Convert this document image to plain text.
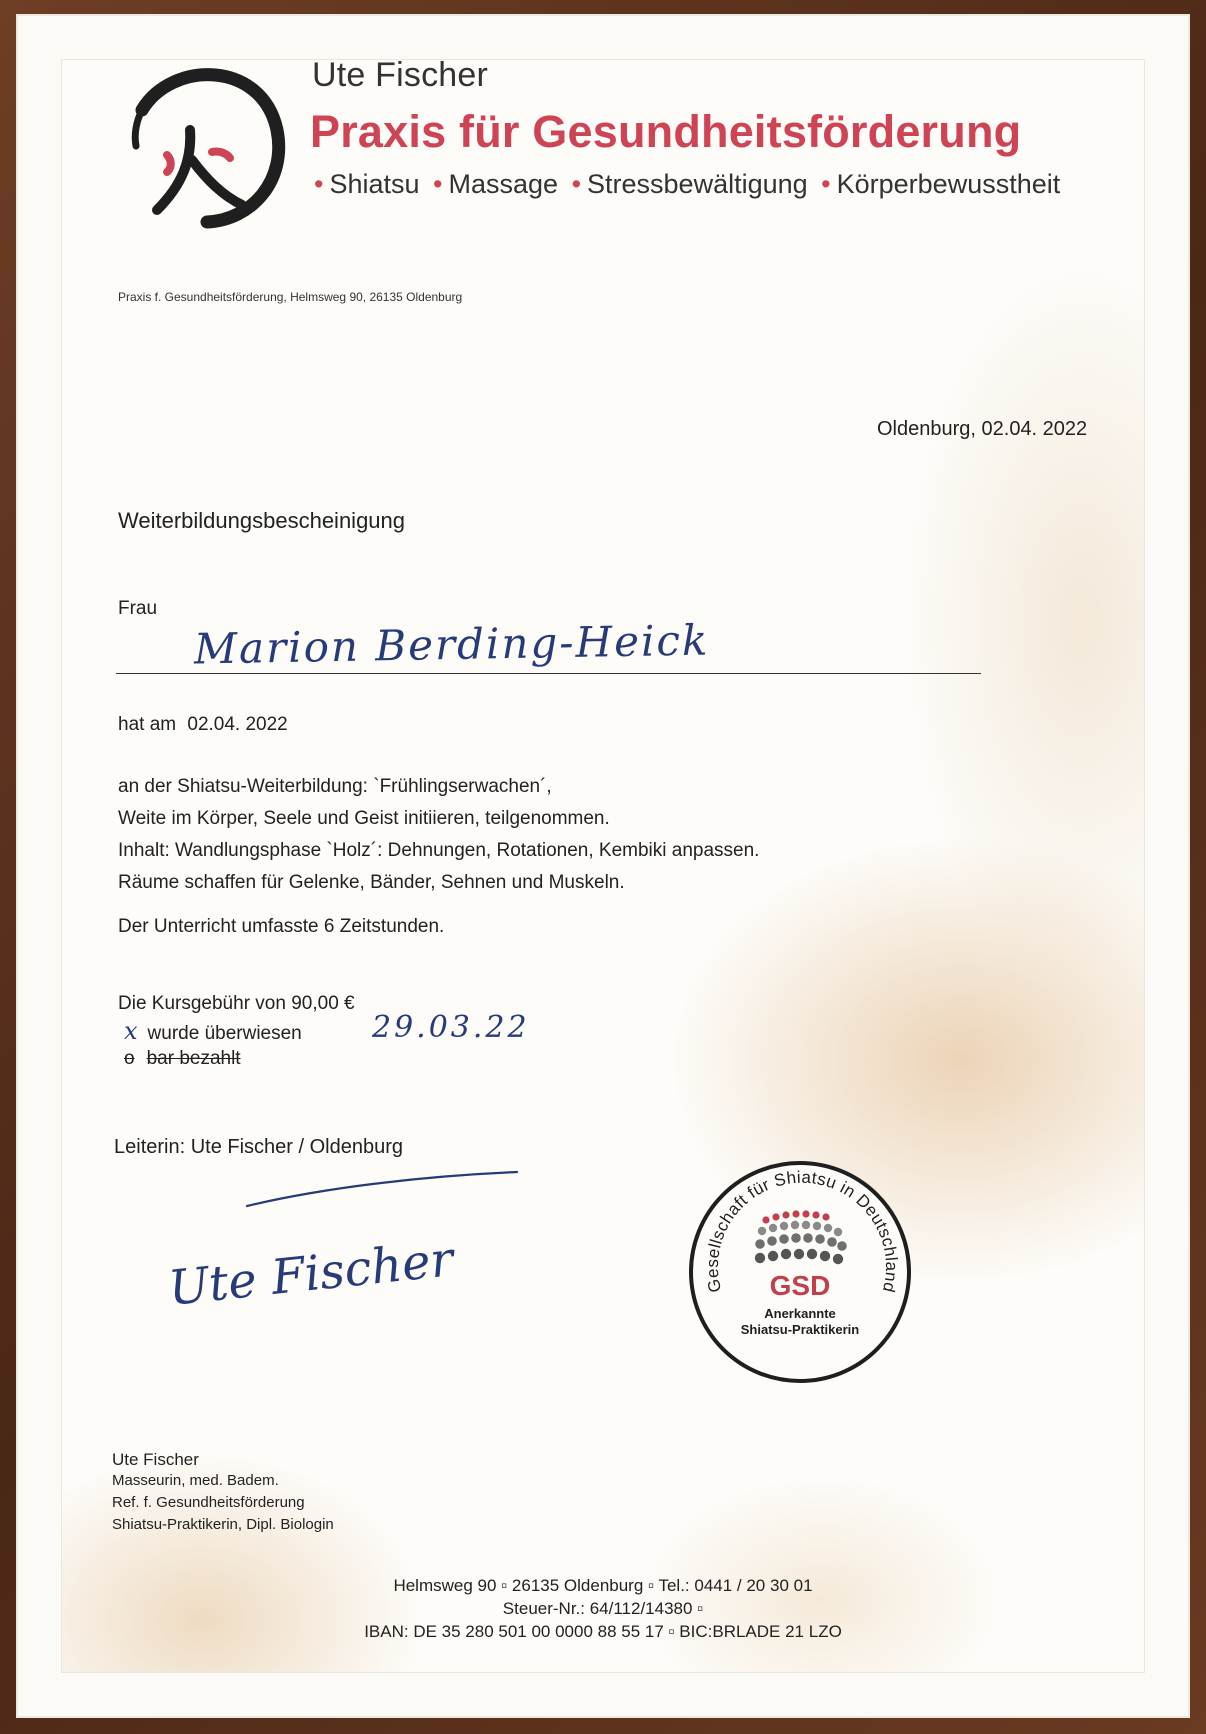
Ute Fischer
Praxis für Gesundheitsförderung
• Shiatsu • Massage • Stressbewältigung • Körperbewusstheit
Praxis f. Gesundheitsförderung, Helmsweg 90, 26135 Oldenburg
Oldenburg, 02.04. 2022
Weiterbildungsbescheinigung
Frau
Marion Berding-Heick
hat am 02.04. 2022
an der Shiatsu-Weiterbildung: `Frühlingserwachen´,
Weite im Körper, Seele und Geist initiieren, teilgenommen.
Inhalt: Wandlungsphase `Holz´: Dehnungen, Rotationen, Kembiki anpassen.
Räume schaffen für Gelenke, Bänder, Sehnen und Muskeln.
Der Unterricht umfasste 6 Zeitstunden.
Die Kursgebühr von 90,00 €
x wurde überwiesen 29.03.22
o bar bezahlt
Leiterin: Ute Fischer / Oldenburg
Ute Fischer	Gesellschaft für Shiatsu in Deutschland
GSD
Anerkannte
Shiatsu-Praktikerin
Ute Fischer
Masseurin, med. Badem.
Ref. f. Gesundheitsförderung
Shiatsu-Praktikerin, Dipl. Biologin
Helmsweg 90 ▫ 26135 Oldenburg ▫ Tel.: 0441 / 20 30 01
Steuer-Nr.: 64/112/14380 ▫
IBAN: DE 35 280 501 00 0000 88 55 17 ▫ BIC:BRLADE 21 LZO
